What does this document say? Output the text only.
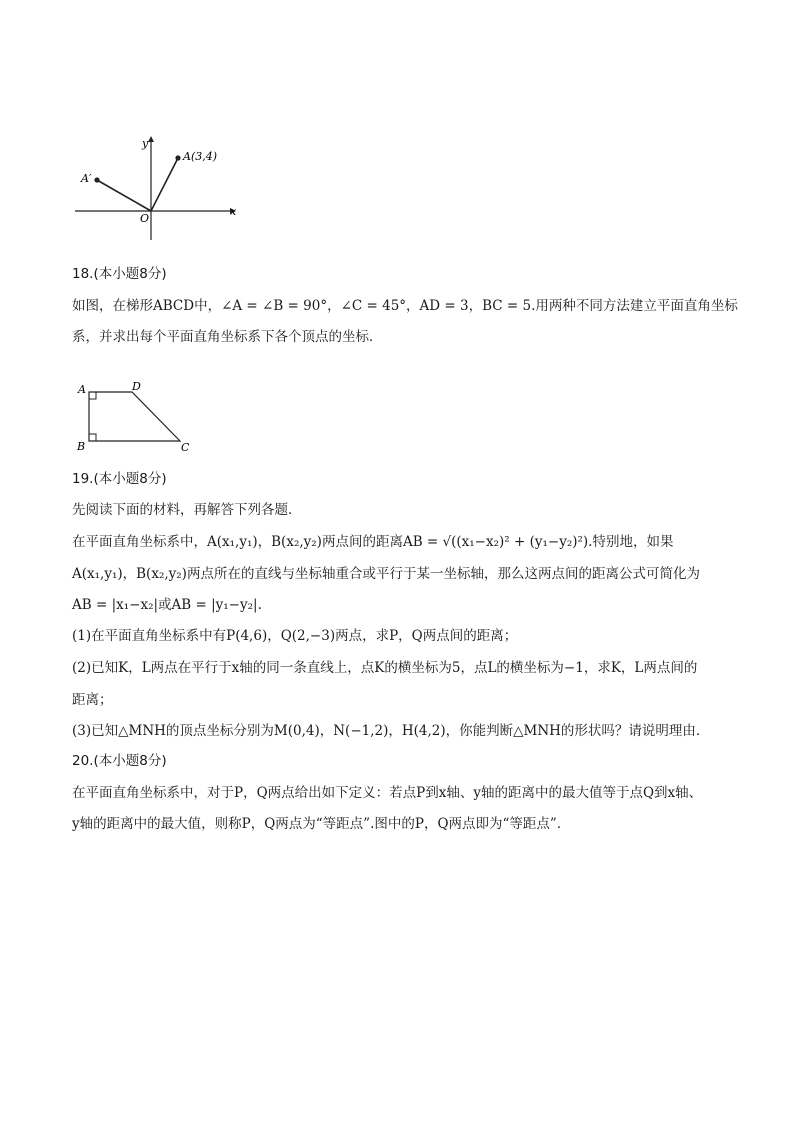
x
y
O
A(3,4)
A′
18.(本小题8分)
如图，在梯形ABCD中，∠A = ∠B = 90°，∠C = 45°，AD = 3，BC = 5.用两种不同方法建立平面直角坐标
系，并求出每个平面直角坐标系下各个顶点的坐标．
A	D
B	C
19.(本小题8分)
先阅读下面的材料，再解答下列各题．
在平面直角坐标系中，A(x₁,y₁)，B(x₂,y₂)两点间的距离AB = √((x₁−x₂)² + (y₁−y₂)²).特别地，如果
A(x₁,y₁)，B(x₂,y₂)两点所在的直线与坐标轴重合或平行于某一坐标轴，那么这两点间的距离公式可简化为
AB = |x₁−x₂|或AB = |y₁−y₂|.
(1)在平面直角坐标系中有P(4,6)，Q(2,−3)两点，求P，Q两点间的距离；
(2)已知K，L两点在平行于x轴的同一条直线上，点K的横坐标为5，点L的横坐标为−1，求K，L两点间的
距离；
(3)已知△MNH的顶点坐标分别为M(0,4)，N(−1,2)，H(4,2)，你能判断△MNH的形状吗？请说明理由．
20.(本小题8分)
在平面直角坐标系中，对于P，Q两点给出如下定义：若点P到x轴、y轴的距离中的最大值等于点Q到x轴、
y轴的距离中的最大值，则称P，Q两点为“等距点”.图中的P，Q两点即为“等距点”．
